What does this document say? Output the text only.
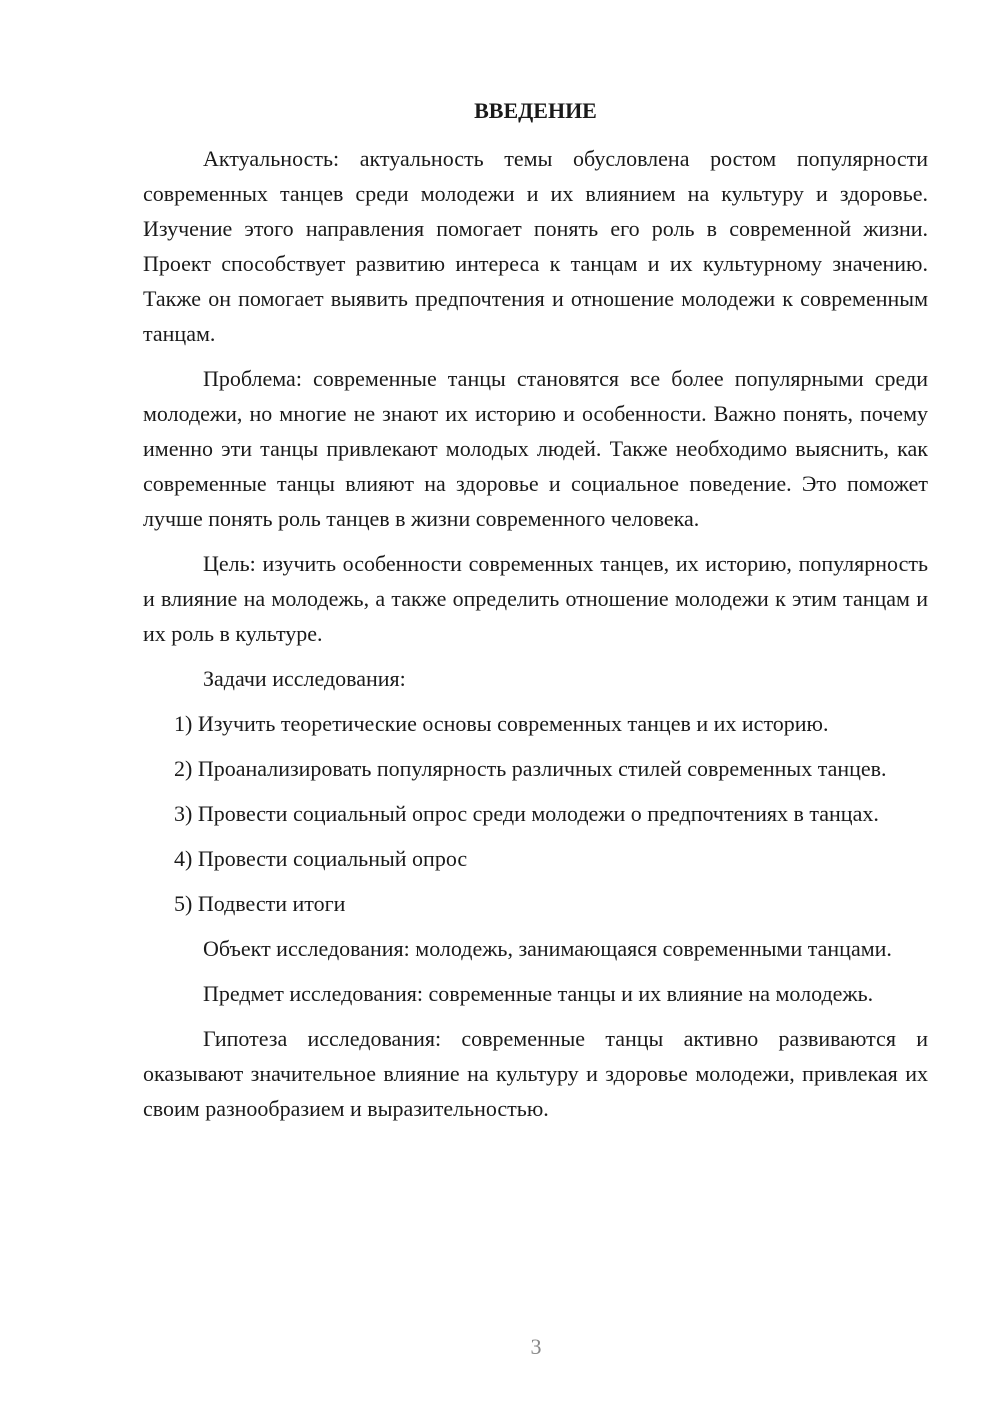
ВВЕДЕНИЕ

Актуальность: актуальность темы обусловлена ростом популярности современных танцев среди молодежи и их влиянием на культуру и здоровье. Изучение этого направления помогает понять его роль в современной жизни. Проект способствует развитию интереса к танцам и их культурному значению. Также он помогает выявить предпочтения и отношение молодежи к современным танцам.

Проблема: современные танцы становятся все более популярными среди молодежи, но многие не знают их историю и особенности. Важно понять, почему именно эти танцы привлекают молодых людей. Также необходимо выяснить, как современные танцы влияют на здоровье и социальное поведение. Это поможет лучше понять роль танцев в жизни современного человека.

Цель: изучить особенности современных танцев, их историю, популярность и влияние на молодежь, а также определить отношение молодежи к этим танцам и их роль в культуре.

Задачи исследования:

1) Изучить теоретические основы современных танцев и их историю.

2) Проанализировать популярность различных стилей современных танцев.

3) Провести социальный опрос среди молодежи о предпочтениях в танцах.

4) Провести социальный опрос

5) Подвести итоги

Объект исследования: молодежь, занимающаяся современными танцами.

Предмет исследования: современные танцы и их влияние на молодежь.

Гипотеза исследования: современные танцы активно развиваются и оказывают значительное влияние на культуру и здоровье молодежи, привлекая их своим разнообразием и выразительностью.

3
